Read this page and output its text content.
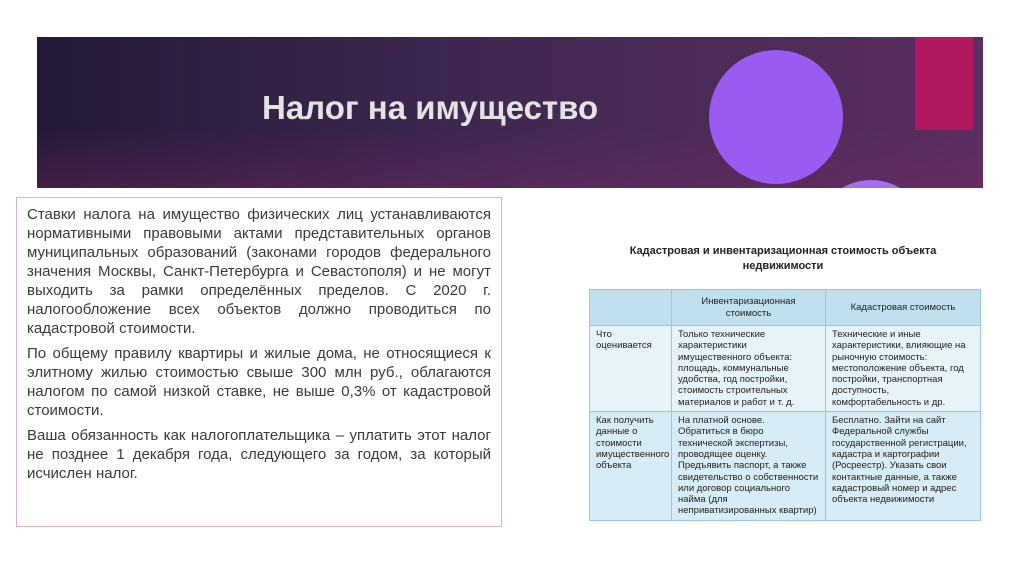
Налог на имущество

Ставки налога на имущество физических лиц устанавливаются нормативными правовыми актами представительных органов муниципальных образований (законами городов федерального значения Москвы, Санкт-Петербурга и Севастополя) и не могут выходить за рамки определённых пределов. С 2020 г. налогообложение всех объектов должно проводиться по кадастровой стоимости.

По общему правилу квартиры и жилые дома, не относящиеся к элитному жилью стоимостью свыше 300 млн руб., облагаются налогом по самой низкой ставке, не выше 0,3% от кадастровой стоимости.

Ваша обязанность как налогоплательщика – уплатить этот налог не позднее 1 декабря года, следующего за годом, за который исчислен налог.

Кадастровая и инвентаризационная стоимость объекта недвижимости
	Инвентаризационная стоимость	Кадастровая стоимость
Что оценивается	Только технические характеристики имущественного объекта: площадь, коммунальные удобства, год постройки, стоимость строительных материалов и работ и т. д.	Технические и иные характеристики, влияющие на рыночную стоимость: местоположение объекта, год постройки, транспортная доступность, комфортабельность и др.
Как получить данные о стоимости имущественного объекта	На платной основе. Обратиться в бюро технической экспертизы, проводящее оценку. Предъявить паспорт, а также свидетельство о собственности или договор социального найма (для неприватизированных квартир)	Бесплатно. Зайти на сайт Федеральной службы государственной регистрации, кадастра и картографии (Росреестр). Указать свои контактные данные, а также кадастровый номер и адрес объекта недвижимости
